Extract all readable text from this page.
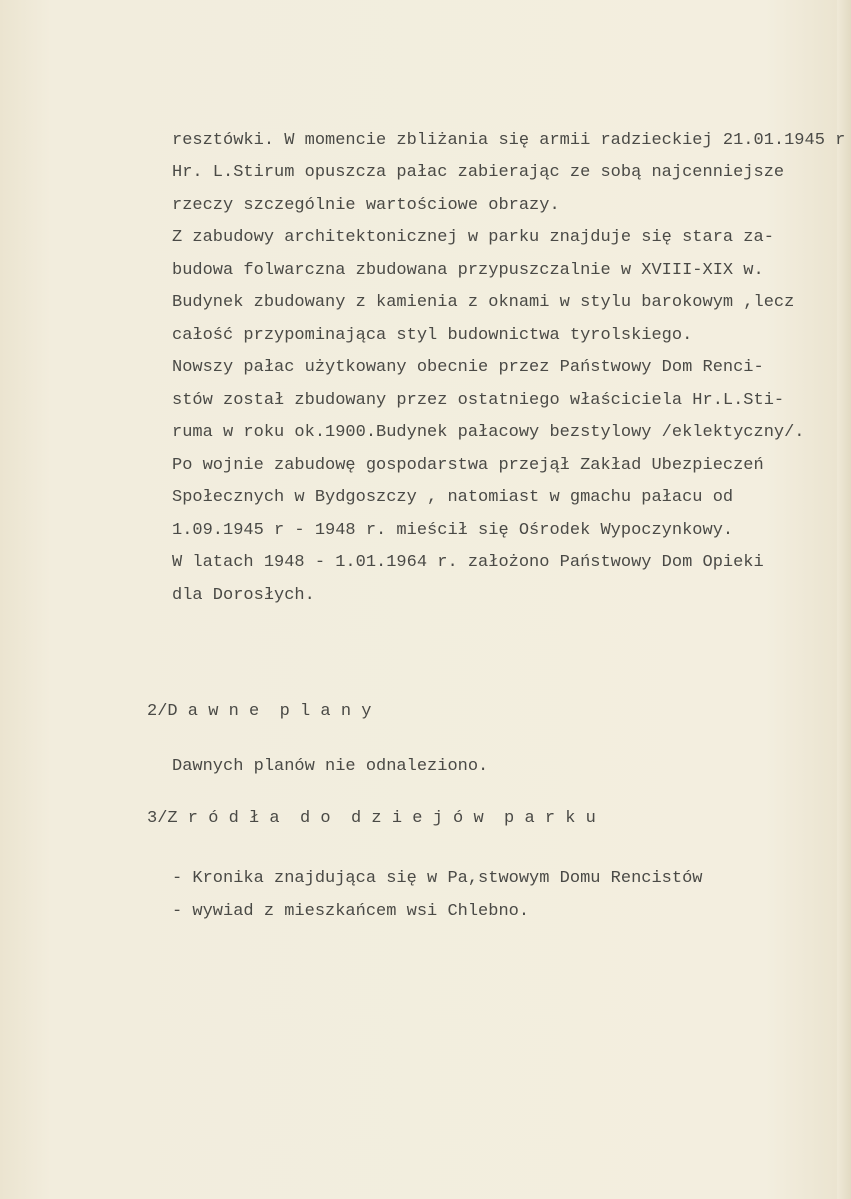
resztówki. W momencie zbliżania się armii radzieckiej 21.01.1945 r
Hr. L.Stirum opuszcza pałac zabierając ze sobą najcenniejsze
rzeczy szczególnie wartościowe obrazy.
Z zabudowy architektonicznej w parku znajduje się stara za-
budowa folwarczna zbudowana przypuszczalnie w XVIII-XIX w.
Budynek zbudowany z kamienia z oknami w stylu barokowym ,lecz
całość przypominająca styl budownictwa tyrolskiego.
Nowszy pałac użytkowany obecnie przez Państwowy Dom Renci-
stów został zbudowany przez ostatniego właściciela Hr.L.Sti-
ruma w roku ok.1900.Budynek pałacowy bezstylowy /eklektyczny/.
Po wojnie zabudowę gospodarstwa przejął Zakład Ubezpieczeń
Społecznych w Bydgoszczy , natomiast w gmachu pałacu od
1.09.1945 r - 1948 r. mieścił się Ośrodek Wypoczynkowy.
W latach 1948 - 1.01.1964 r. założono Państwowy Dom Opieki
dla Dorosłych.
2/D a w n e  p l a n y
Dawnych planów nie odnaleziono.
3/Z r ó d ł a  d o  d z i e j ó w  p a r k u
- Kronika znajdująca się w Pa,stwowym Domu Rencistów
- wywiad z mieszkańcem wsi Chlebno.
